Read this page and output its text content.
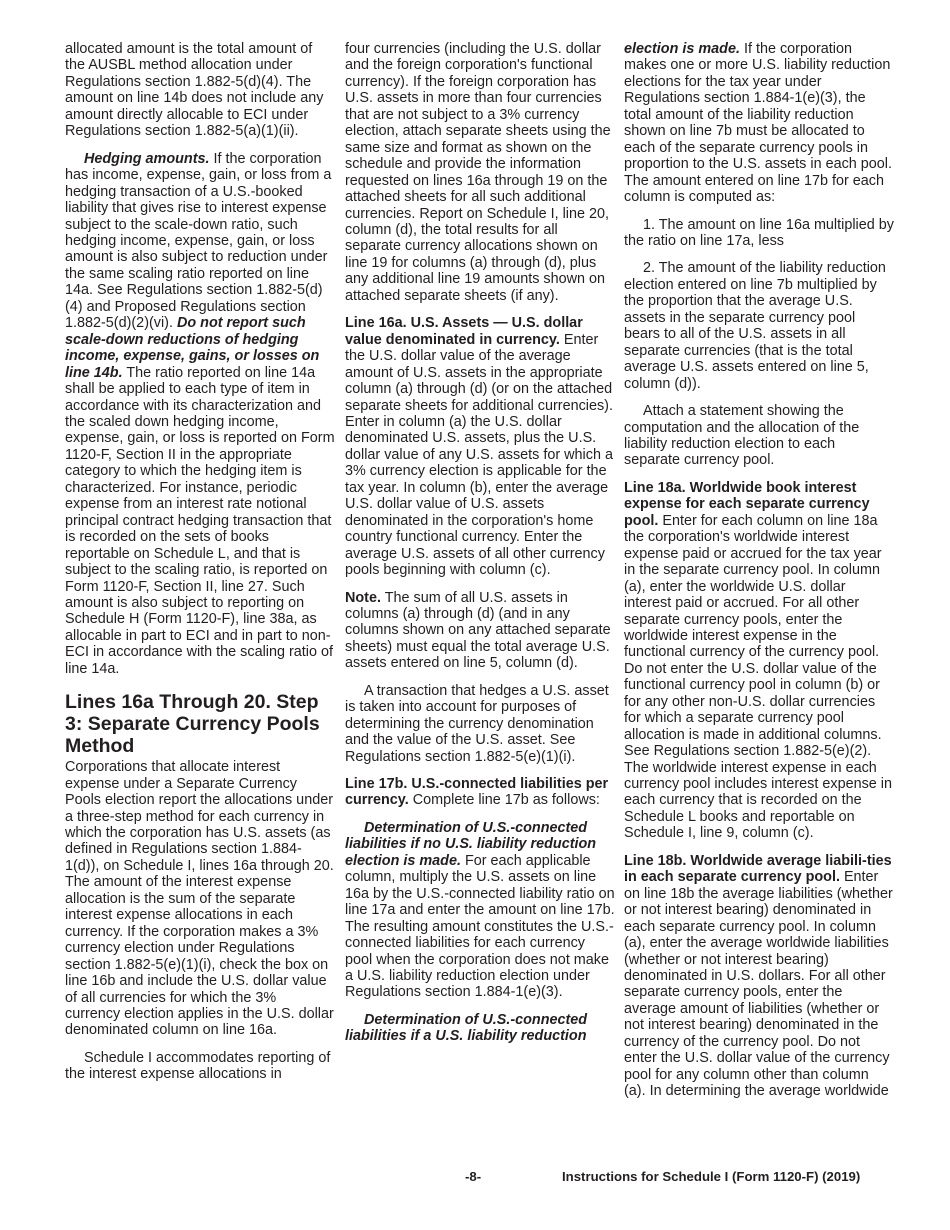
allocated amount is the total amount of the AUSBL method allocation under Regulations section 1.882-5(d)(4). The amount on line 14b does not include any amount directly allocable to ECI under Regulations section 1.882-5(a)(1)(ii).

Hedging amounts. If the corporation has income, expense, gain, or loss from a hedging transaction of a U.S.-booked liability that gives rise to interest expense subject to the scale-down ratio, such hedging income, expense, gain, or loss amount is also subject to reduction under the same scaling ratio reported on line 14a. See Regulations section 1.882-5(d)(4) and Proposed Regulations section 1.882-5(d)(2)(vi). Do not report such scale-down reductions of hedging income, expense, gains, or losses on line 14b. The ratio reported on line 14a shall be applied to each type of item in accordance with its characterization and the scaled down hedging income, expense, gain, or loss is reported on Form 1120-F, Section II in the appropriate category to which the hedging item is characterized. For instance, periodic expense from an interest rate notional principal contract hedging transaction that is recorded on the sets of books reportable on Schedule L, and that is subject to the scaling ratio, is reported on Form 1120-F, Section II, line 27. Such amount is also subject to reporting on Schedule H (Form 1120-F), line 38a, as allocable in part to ECI and in part to non-ECI in accordance with the scaling ratio of line 14a.

Lines 16a Through 20. Step 3: Separate Currency Pools Method

Corporations that allocate interest expense under a Separate Currency Pools election report the allocations under a three-step method for each currency in which the corporation has U.S. assets (as defined in Regulations section 1.884-1(d)), on Schedule I, lines 16a through 20. The amount of the interest expense allocation is the sum of the separate interest expense allocations in each currency. If the corporation makes a 3% currency election under Regulations section 1.882-5(e)(1)(i), check the box on line 16b and include the U.S. dollar value of all currencies for which the 3% currency election applies in the U.S. dollar denominated column on line 16a.

Schedule I accommodates reporting of the interest expense allocations in

four currencies (including the U.S. dollar and the foreign corporation's functional currency). If the foreign corporation has U.S. assets in more than four currencies that are not subject to a 3% currency election, attach separate sheets using the same size and format as shown on the schedule and provide the information requested on lines 16a through 19 on the attached sheets for all such additional currencies. Report on Schedule I, line 20, column (d), the total results for all separate currency allocations shown on line 19 for columns (a) through (d), plus any additional line 19 amounts shown on attached separate sheets (if any).

Line 16a. U.S. Assets — U.S. dollar value denominated in currency. Enter the U.S. dollar value of the average amount of U.S. assets in the appropriate column (a) through (d) (or on the attached separate sheets for additional currencies). Enter in column (a) the U.S. dollar denominated U.S. assets, plus the U.S. dollar value of any U.S. assets for which a 3% currency election is applicable for the tax year. In column (b), enter the average U.S. dollar value of U.S. assets denominated in the corporation's home country functional currency. Enter the average U.S. assets of all other currency pools beginning with column (c).

Note. The sum of all U.S. assets in columns (a) through (d) (and in any columns shown on any attached separate sheets) must equal the total average U.S. assets entered on line 5, column (d).

A transaction that hedges a U.S. asset is taken into account for purposes of determining the currency denomination and the value of the U.S. asset. See Regulations section 1.882-5(e)(1)(i).

Line 17b. U.S.-connected liabilities per currency. Complete line 17b as follows:

Determination of U.S.-connected liabilities if no U.S. liability reduction election is made. For each applicable column, multiply the U.S. assets on line 16a by the U.S.-connected liability ratio on line 17a and enter the amount on line 17b. The resulting amount constitutes the U.S.-connected liabilities for each currency pool when the corporation does not make a U.S. liability reduction election under Regulations section 1.884-1(e)(3).

Determination of U.S.-connected liabilities if a U.S. liability reduction

election is made. If the corporation makes one or more U.S. liability reduction elections for the tax year under Regulations section 1.884-1(e)(3), the total amount of the liability reduction shown on line 7b must be allocated to each of the separate currency pools in proportion to the U.S. assets in each pool. The amount entered on line 17b for each column is computed as:

1. The amount on line 16a multiplied by the ratio on line 17a, less

2. The amount of the liability reduction election entered on line 7b multiplied by the proportion that the average U.S. assets in the separate currency pool bears to all of the U.S. assets in all separate currencies (that is the total average U.S. assets entered on line 5, column (d)).

Attach a statement showing the computation and the allocation of the liability reduction election to each separate currency pool.

Line 18a. Worldwide book interest expense for each separate currency pool. Enter for each column on line 18a the corporation's worldwide interest expense paid or accrued for the tax year in the separate currency pool. In column (a), enter the worldwide U.S. dollar interest paid or accrued. For all other separate currency pools, enter the worldwide interest expense in the functional currency of the currency pool. Do not enter the U.S. dollar value of the functional currency pool in column (b) or for any other non-U.S. dollar currencies for which a separate currency pool allocation is made in additional columns. See Regulations section 1.882-5(e)(2). The worldwide interest expense in each currency pool includes interest expense in each currency that is recorded on the Schedule L books and reportable on Schedule I, line 9, column (c).

Line 18b. Worldwide average liabili-ties in each separate currency pool. Enter on line 18b the average liabilities (whether or not interest bearing) denominated in each separate currency pool. In column (a), enter the average worldwide liabilities (whether or not interest bearing) denominated in U.S. dollars. For all other separate currency pools, enter the average amount of liabilities (whether or not interest bearing) denominated in the currency of the currency pool. Do not enter the U.S. dollar value of the currency pool for any column other than column (a). In determining the average worldwide

-8-	Instructions for Schedule I (Form 1120-F) (2019)
